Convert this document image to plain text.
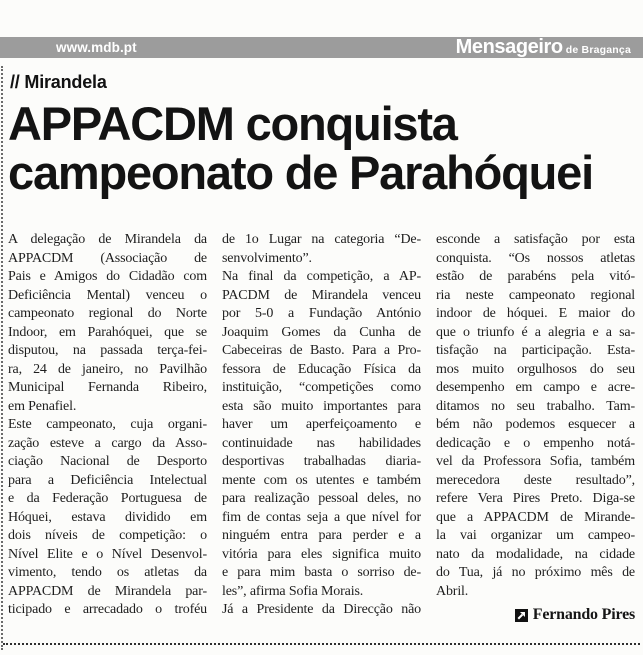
www.mdb.pt	Mensageiro de Bragança
// Mirandela
APPACDM conquista
campeonato de Parahóquei
A delegação de Mirandela da
APPACDM (Associação de
Pais e Amigos do Cidadão com
Deficiência Mental) venceu o
campeonato regional do Norte
Indoor, em Parahóquei, que se
disputou, na passada terça-fei-
ra, 24 de janeiro, no Pavilhão
Municipal Fernanda Ribeiro,
em Penafiel.
Este campeonato, cuja organi-
zação esteve a cargo da Asso-
ciação Nacional de Desporto
para a Deficiência Intelectual
e da Federação Portuguesa de
Hóquei, estava dividido em
dois níveis de competição: o
Nível Elite e o Nível Desenvol-
vimento, tendo os atletas da
APPACDM de Mirandela par-
ticipado e arrecadado o troféu
de 1o Lugar na categoria “De-
senvolvimento”.
Na final da competição, a AP-
PACDM de Mirandela venceu
por 5-0 a Fundação António
Joaquim Gomes da Cunha de
Cabeceiras de Basto. Para a Pro-
fessora de Educação Física da
instituição, “competições como
esta são muito importantes para
haver um aperfeiçoamento e
continuidade nas habilidades
desportivas trabalhadas diaria-
mente com os utentes e também
para realização pessoal deles, no
fim de contas seja a que nível for
ninguém entra para perder e a
vitória para eles significa muito
e para mim basta o sorriso de-
les”, afirma Sofia Morais.
Já a Presidente da Direcção não
esconde a satisfação por esta
conquista. “Os nossos atletas
estão de parabéns pela vitó-
ria neste campeonato regional
indoor de hóquei. E maior do
que o triunfo é a alegria e a sa-
tisfação na participação. Esta-
mos muito orgulhosos do seu
desempenho em campo e acre-
ditamos no seu trabalho. Tam-
bém não podemos esquecer a
dedicação e o empenho notá-
vel da Professora Sofia, também
merecedora deste resultado”,
refere Vera Pires Preto. Diga-se
que a APPACDM de Mirande-
la vai organizar um campeo-
nato da modalidade, na cidade
do Tua, já no próximo mês de
Abril.
Fernando Pires
